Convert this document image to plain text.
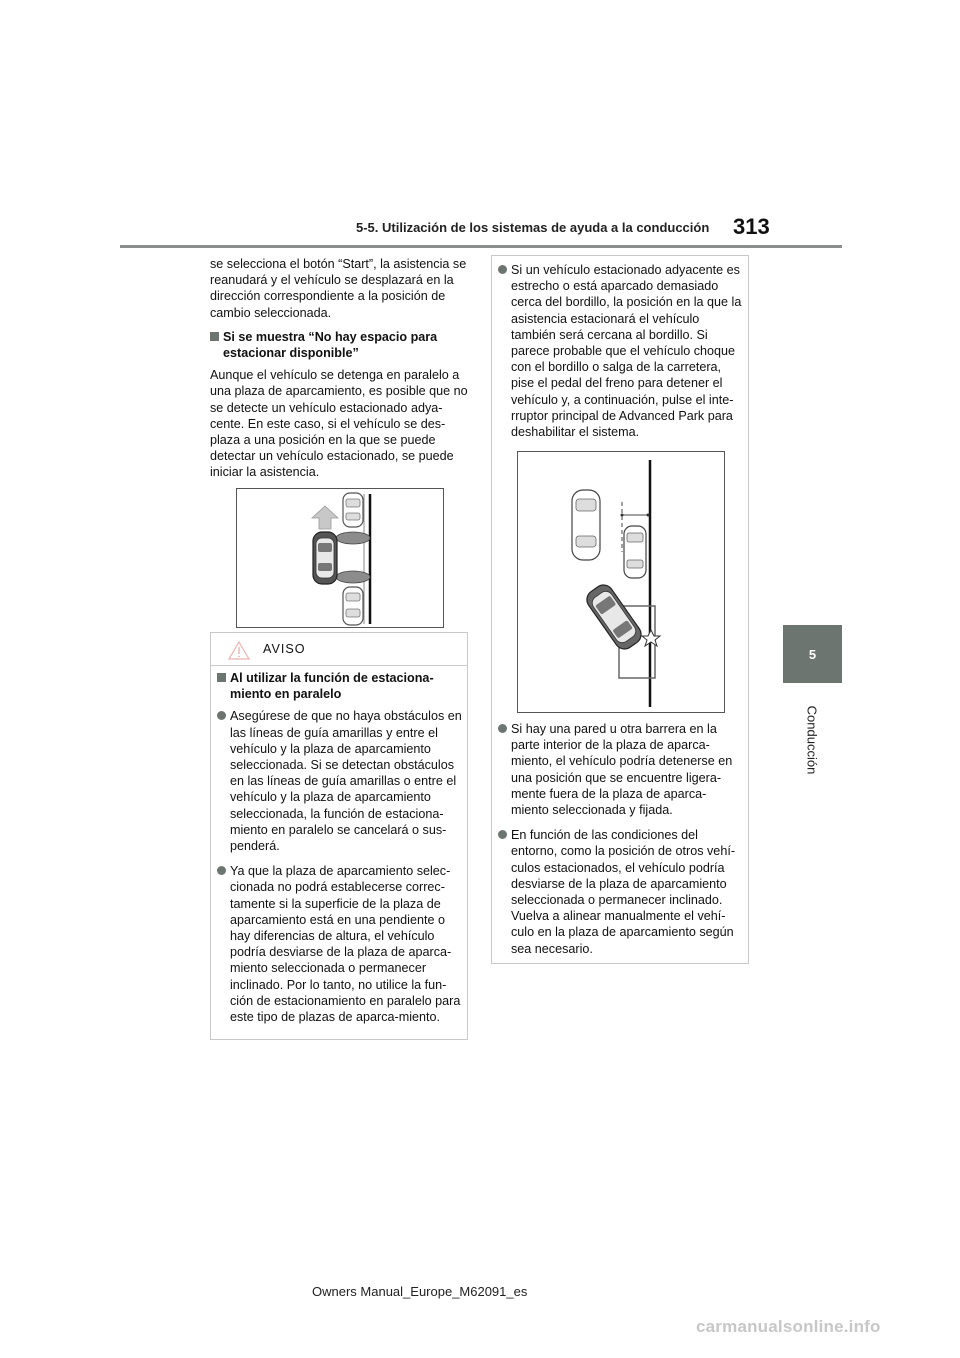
5-5. Utilización de los sistemas de ayuda a la conducción 313
5
Conducción

se selecciona el botón “Start”, la asistencia se reanudará y el vehículo se desplazará en la dirección correspondiente a la posición de cambio seleccionada.

Si se muestra “No hay espacio para estacionar disponible”

Aunque el vehículo se detenga en paralelo a una plaza de aparcamiento, es posible que no se detecte un vehículo estacionado adya-cente. En este caso, si el vehículo se des-plaza a una posición en la que se puede detectar un vehículo estacionado, se puede iniciar la asistencia.

AVISO
Al utilizar la función de estaciona-miento en paralelo
Asegúrese de que no haya obstáculos en las líneas de guía amarillas y entre el vehículo y la plaza de aparcamiento seleccionada. Si se detectan obstáculos en las líneas de guía amarillas o entre el vehículo y la plaza de aparcamiento seleccionada, la función de estaciona-miento en paralelo se cancelará o sus-penderá.
Ya que la plaza de aparcamiento selec-cionada no podrá establecerse correc-tamente si la superficie de la plaza de aparcamiento está en una pendiente o hay diferencias de altura, el vehículo podría desviarse de la plaza de aparca-miento seleccionada o permanecer inclinado. Por lo tanto, no utilice la fun-ción de estacionamiento en paralelo para este tipo de plazas de aparca-miento.
Si un vehículo estacionado adyacente es estrecho o está aparcado demasiado cerca del bordillo, la posición en la que la asistencia estacionará el vehículo también será cercana al bordillo. Si parece probable que el vehículo choque con el bordillo o salga de la carretera, pise el pedal del freno para detener el vehículo y, a continuación, pulse el inte-rruptor principal de Advanced Park para deshabilitar el sistema.
Si hay una pared u otra barrera en la parte interior de la plaza de aparca-miento, el vehículo podría detenerse en una posición que se encuentre ligera-mente fuera de la plaza de aparca-miento seleccionada y fijada.
En función de las condiciones del entorno, como la posición de otros vehí-culos estacionados, el vehículo podría desviarse de la plaza de aparcamiento seleccionada o permanecer inclinado. Vuelva a alinear manualmente el vehí-culo en la plaza de aparcamiento según sea necesario.
Owners Manual_Europe_M62091_es
carmanualsonline.info
